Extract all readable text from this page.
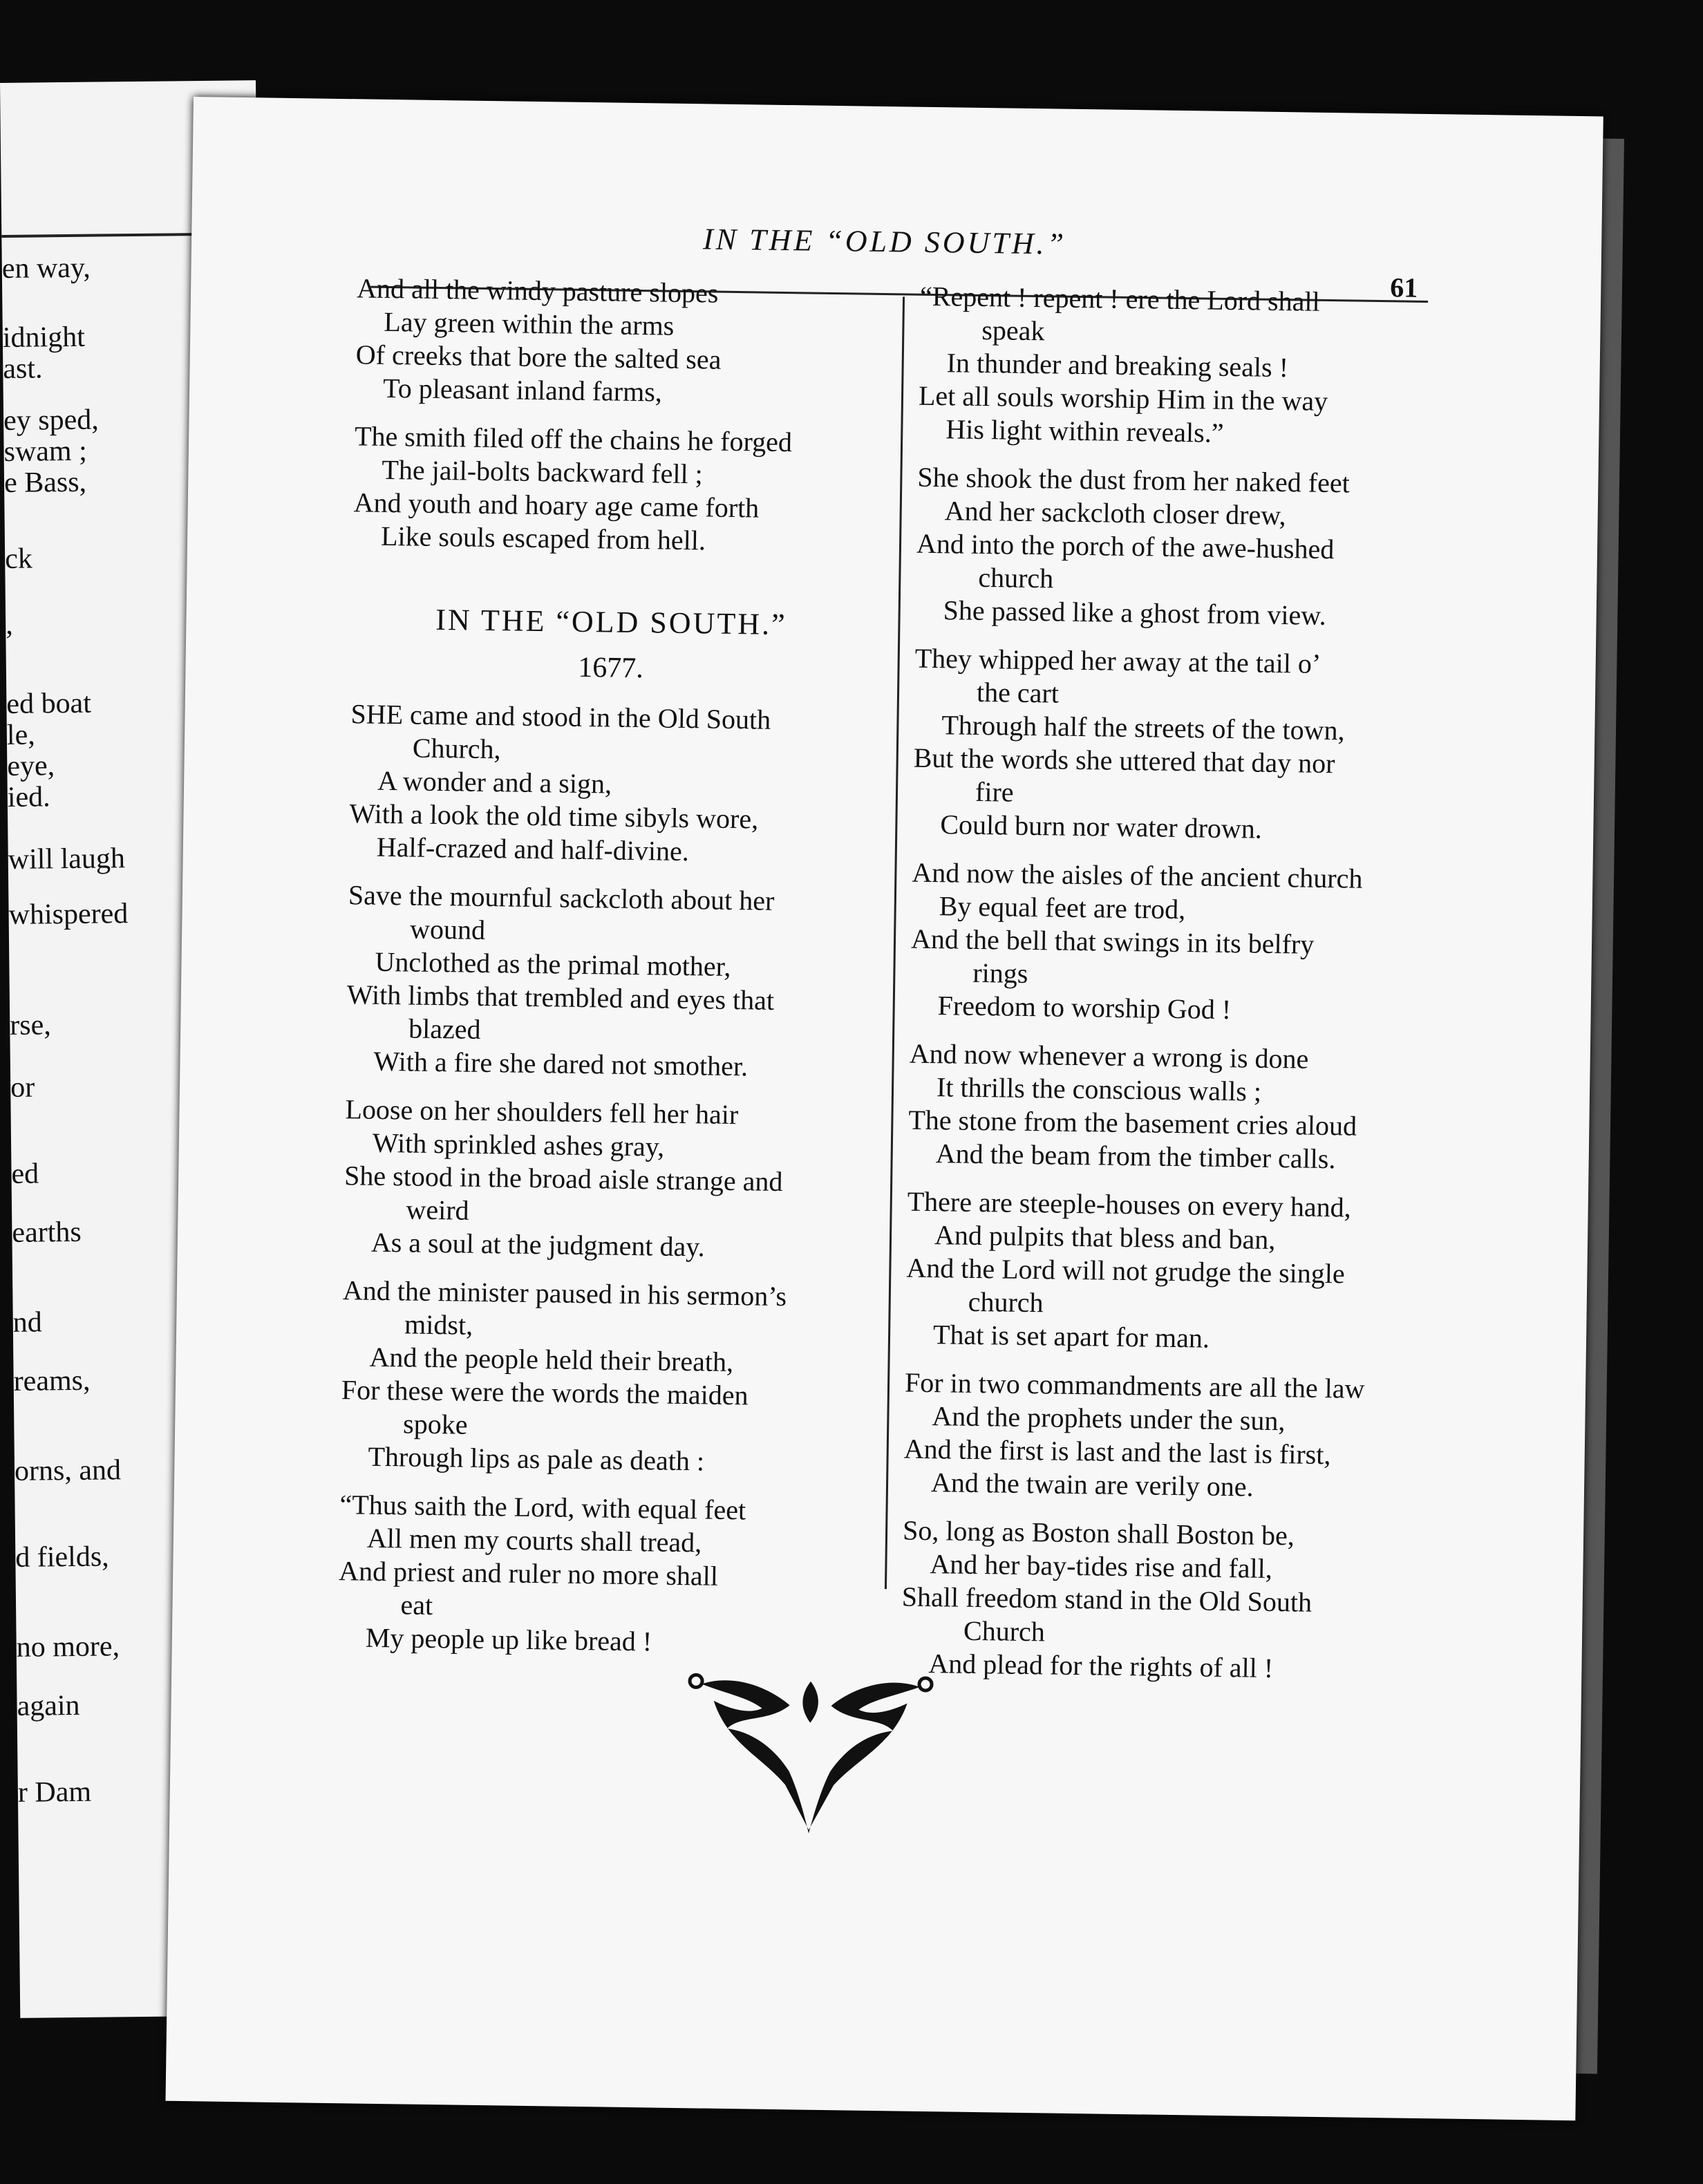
en way,
idnight
ast.
ey sped,
swam ;
e Bass,
ck
,
ed boat
le,
eye,
ied.
will laugh
whispered
rse,
or
ed
earths
nd
reams,
orns, and
d fields,
no more,
again
r Dam
IN THE “OLD SOUTH.”
61
And all the windy pasture slopes
Lay green within the arms
Of creeks that bore the salted sea
To pleasant inland farms,
The smith filed off the chains he forged
The jail-bolts backward fell ;
And youth and hoary age came forth
Like souls escaped from hell.
IN THE “OLD SOUTH.”
1677.
SHE came and stood in the Old South
Church,
A wonder and a sign,
With a look the old time sibyls wore,
Half-crazed and half-divine.
Save the mournful sackcloth about her
wound
Unclothed as the primal mother,
With limbs that trembled and eyes that
blazed
With a fire she dared not smother.
Loose on her shoulders fell her hair
With sprinkled ashes gray,
She stood in the broad aisle strange and
weird
As a soul at the judgment day.
And the minister paused in his sermon’s
midst,
And the people held their breath,
For these were the words the maiden
spoke
Through lips as pale as death :
“Thus saith the Lord, with equal feet
All men my courts shall tread,
And priest and ruler no more shall
eat
My people up like bread !
“Repent ! repent ! ere the Lord shall
speak
In thunder and breaking seals !
Let all souls worship Him in the way
His light within reveals.”
She shook the dust from her naked feet
And her sackcloth closer drew,
And into the porch of the awe-hushed
church
She passed like a ghost from view.
They whipped her away at the tail o’
the cart
Through half the streets of the town,
But the words she uttered that day nor
fire
Could burn nor water drown.
And now the aisles of the ancient church
By equal feet are trod,
And the bell that swings in its belfry
rings
Freedom to worship God !
And now whenever a wrong is done
It thrills the conscious walls ;
The stone from the basement cries aloud
And the beam from the timber calls.
There are steeple-houses on every hand,
And pulpits that bless and ban,
And the Lord will not grudge the single
church
That is set apart for man.
For in two commandments are all the law
And the prophets under the sun,
And the first is last and the last is first,
And the twain are verily one.
So, long as Boston shall Boston be,
And her bay-tides rise and fall,
Shall freedom stand in the Old South
Church
And plead for the rights of all !
